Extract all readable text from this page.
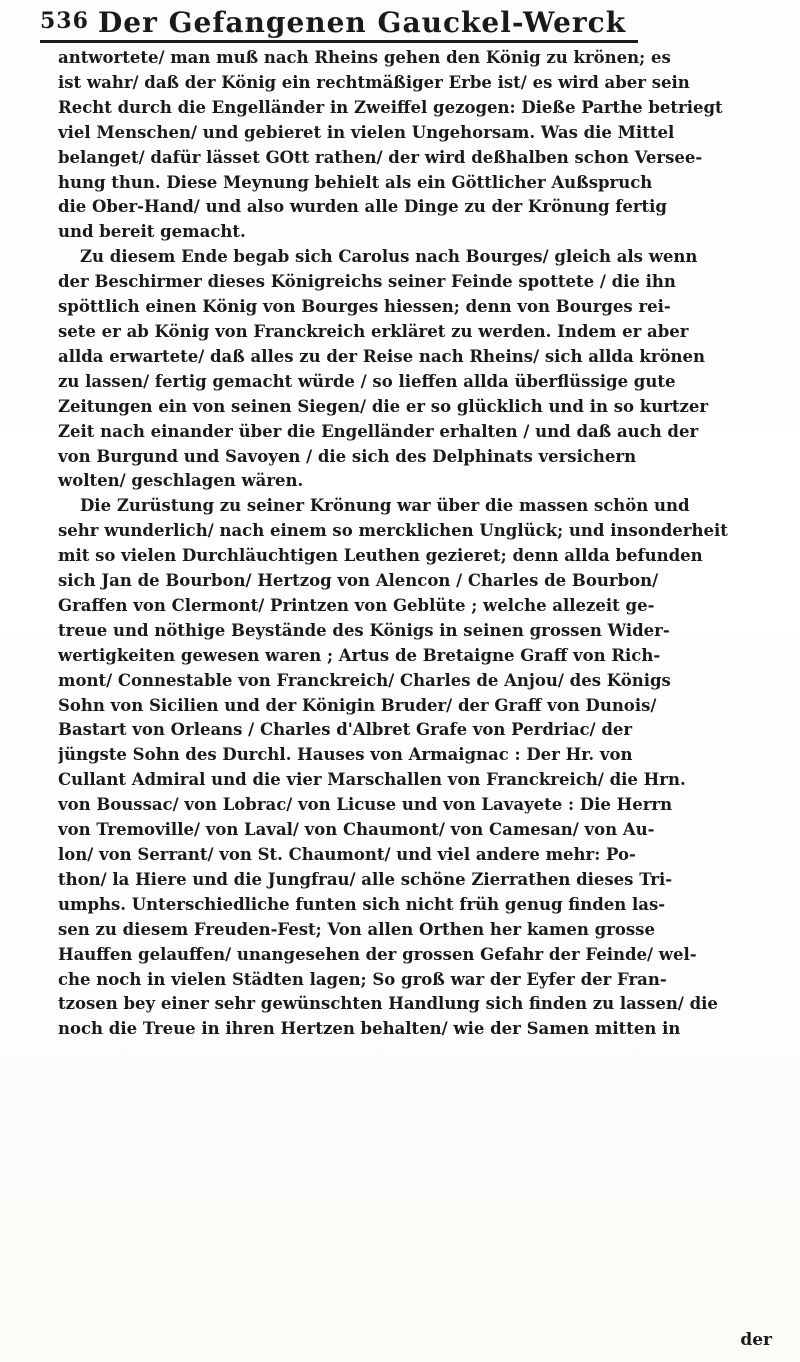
536 Der Gefangenen Gauckel-Werck
antwortete/ man muß nach Rheins gehen den König zu krönen; es
ist wahr/ daß der König ein rechtmäßiger Erbe ist/ es wird aber sein
Recht durch die Engelländer in Zweiffel gezogen: Dieße Parthe betriegt
viel Menschen/ und gebieret in vielen Ungehorsam. Was die Mittel
belanget/ dafür lässet GOtt rathen/ der wird deßhalben schon Versee-
hung thun. Diese Meynung behielt als ein Göttlicher Außspruch
die Ober-Hand/ und also wurden alle Dinge zu der Krönung fertig
und bereit gemacht.
Zu diesem Ende begab sich Carolus nach Bourges/ gleich als wenn
der Beschirmer dieses Königreichs seiner Feinde spottete / die ihn
spöttlich einen König von Bourges hiessen; denn von Bourges rei-
sete er ab König von Franckreich erkläret zu werden. Indem er aber
allda erwartete/ daß alles zu der Reise nach Rheins/ sich allda krönen
zu lassen/ fertig gemacht würde / so lieffen allda überflüssige gute
Zeitungen ein von seinen Siegen/ die er so glücklich und in so kurtzer
Zeit nach einander über die Engelländer erhalten / und daß auch der
von Burgund und Savoyen / die sich des Delphinats versichern
wolten/ geschlagen wären.
Die Zurüstung zu seiner Krönung war über die massen schön und
sehr wunderlich/ nach einem so mercklichen Unglück; und insonderheit
mit so vielen Durchläuchtigen Leuthen gezieret; denn allda befunden
sich Jan de Bourbon/ Hertzog von Alencon / Charles de Bourbon/
Graffen von Clermont/ Printzen von Geblüte ; welche allezeit ge-
treue und nöthige Beyständе des Königs in seinen grossen Wider-
wertigkeiten gewesen waren ; Artus de Bretaigne Graff von Rich-
mont/ Connestable von Franckreich/ Charles de Anjou/ des Königs
Sohn von Sicilien und der Königin Bruder/ der Graff von Dunois/
Bastart von Orleans / Charles d'Albret Grafe von Perdriac/ der
jüngste Sohn des Durchl. Hauses von Armaignac : Der Hr. von
Cullant Admiral und die vier Marschallen von Franckreich/ die Hrn.
von Boussac/ von Lobrac/ von Licuse und von Lavayete : Die Herrn
von Tremoville/ von Laval/ von Chaumont/ von Camesan/ von Au-
lon/ von Serrant/ von St. Chaumont/ und viel andere mehr: Po-
thon/ la Hiere und die Jungfrau/ alle schöne Zierrathen dieses Tri-
umphs. Unterschiedliche funten sich nicht früh genug finden las-
sen zu diesem Freuden-Fest; Von allen Orthen her kamen grosse
Hauffen gelauffen/ unangesehen der grossen Gefahr der Feinde/ wel-
che noch in vielen Städten lagen; So groß war der Eyfer der Fran-
tzosen bey einer sehr gewünschten Handlung sich finden zu lassen/ die
noch die Treue in ihren Hertzen behalten/ wie der Samen mitten in
der
